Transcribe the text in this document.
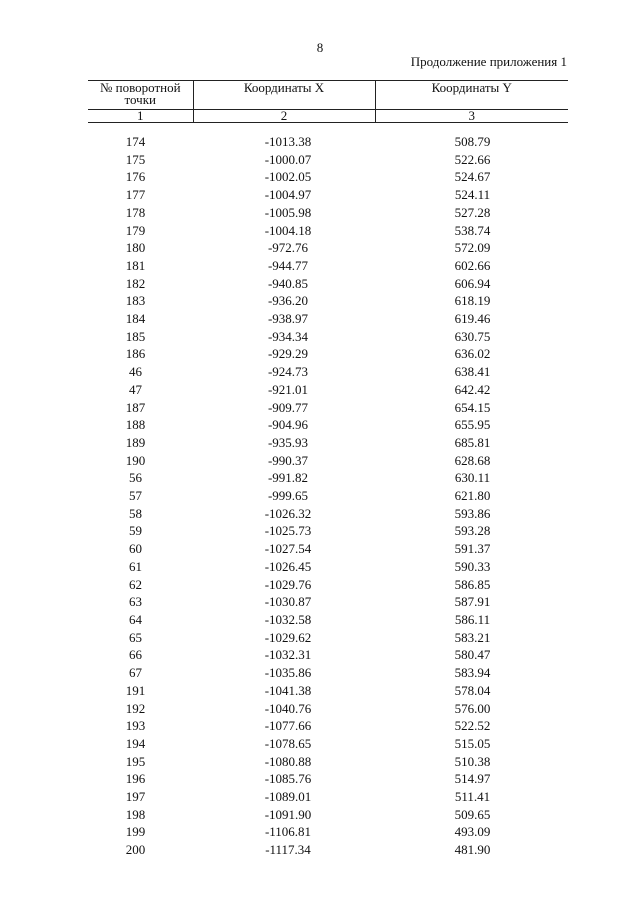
8
Продолжение приложения 1
№ поворотной точки	Координаты X	Координаты Y
1	2	3

174	-1013.38	508.79
175	-1000.07	522.66
176	-1002.05	524.67
177	-1004.97	524.11
178	-1005.98	527.28
179	-1004.18	538.74
180	-972.76	572.09
181	-944.77	602.66
182	-940.85	606.94
183	-936.20	618.19
184	-938.97	619.46
185	-934.34	630.75
186	-929.29	636.02
46	-924.73	638.41
47	-921.01	642.42
187	-909.77	654.15
188	-904.96	655.95
189	-935.93	685.81
190	-990.37	628.68
56	-991.82	630.11
57	-999.65	621.80
58	-1026.32	593.86
59	-1025.73	593.28
60	-1027.54	591.37
61	-1026.45	590.33
62	-1029.76	586.85
63	-1030.87	587.91
64	-1032.58	586.11
65	-1029.62	583.21
66	-1032.31	580.47
67	-1035.86	583.94
191	-1041.38	578.04
192	-1040.76	576.00
193	-1077.66	522.52
194	-1078.65	515.05
195	-1080.88	510.38
196	-1085.76	514.97
197	-1089.01	511.41
198	-1091.90	509.65
199	-1106.81	493.09
200	-1117.34	481.90
